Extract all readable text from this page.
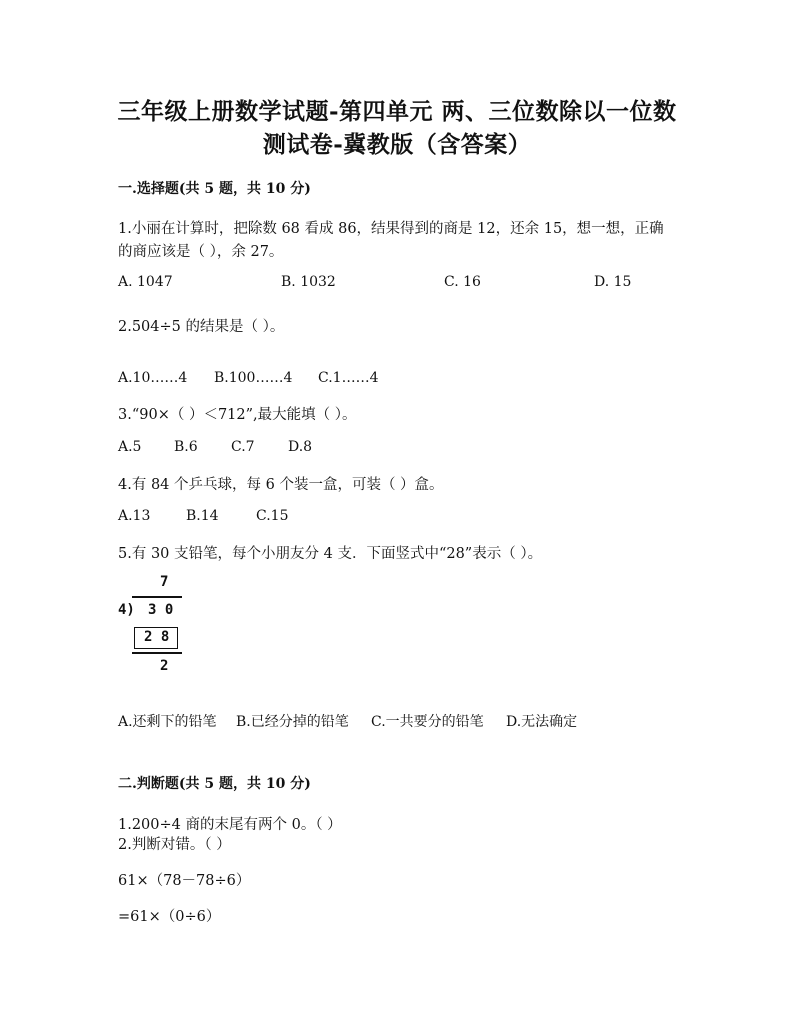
三年级上册数学试题-第四单元 两、三位数除以一位数
测试卷-冀教版（含答案）
一.选择题(共 5 题，共 10 分)
1.小丽在计算时，把除数 68 看成 86，结果得到的商是 12，还余 15，想一想，正确
的商应该是（ ），余 27。
A. 1047	B. 1032	C. 16	D. 15
2.504÷5 的结果是（ ）。
A.10……4 B.100……4 C.1……4
3.“90×（ ）＜712”,最大能填（ ）。
A.5 B.6 C.7 D.8
4.有 84 个乒乓球，每 6 个装一盒，可装（ ）盒。
A.13	B.14	C.15
5.有 30 支铅笔，每个小朋友分 4 支．下面竖式中“28”表示（ ）。
7
4) 3 0
2 8
2
A.还剩下的铅笔 B.已经分掉的铅笔 C.一共要分的铅笔 D.无法确定
二.判断题(共 5 题，共 10 分)
1.200÷4 商的末尾有两个 0。（ ）
2.判断对错。（ ）
61×（78－78÷6）
=61×（0÷6）
